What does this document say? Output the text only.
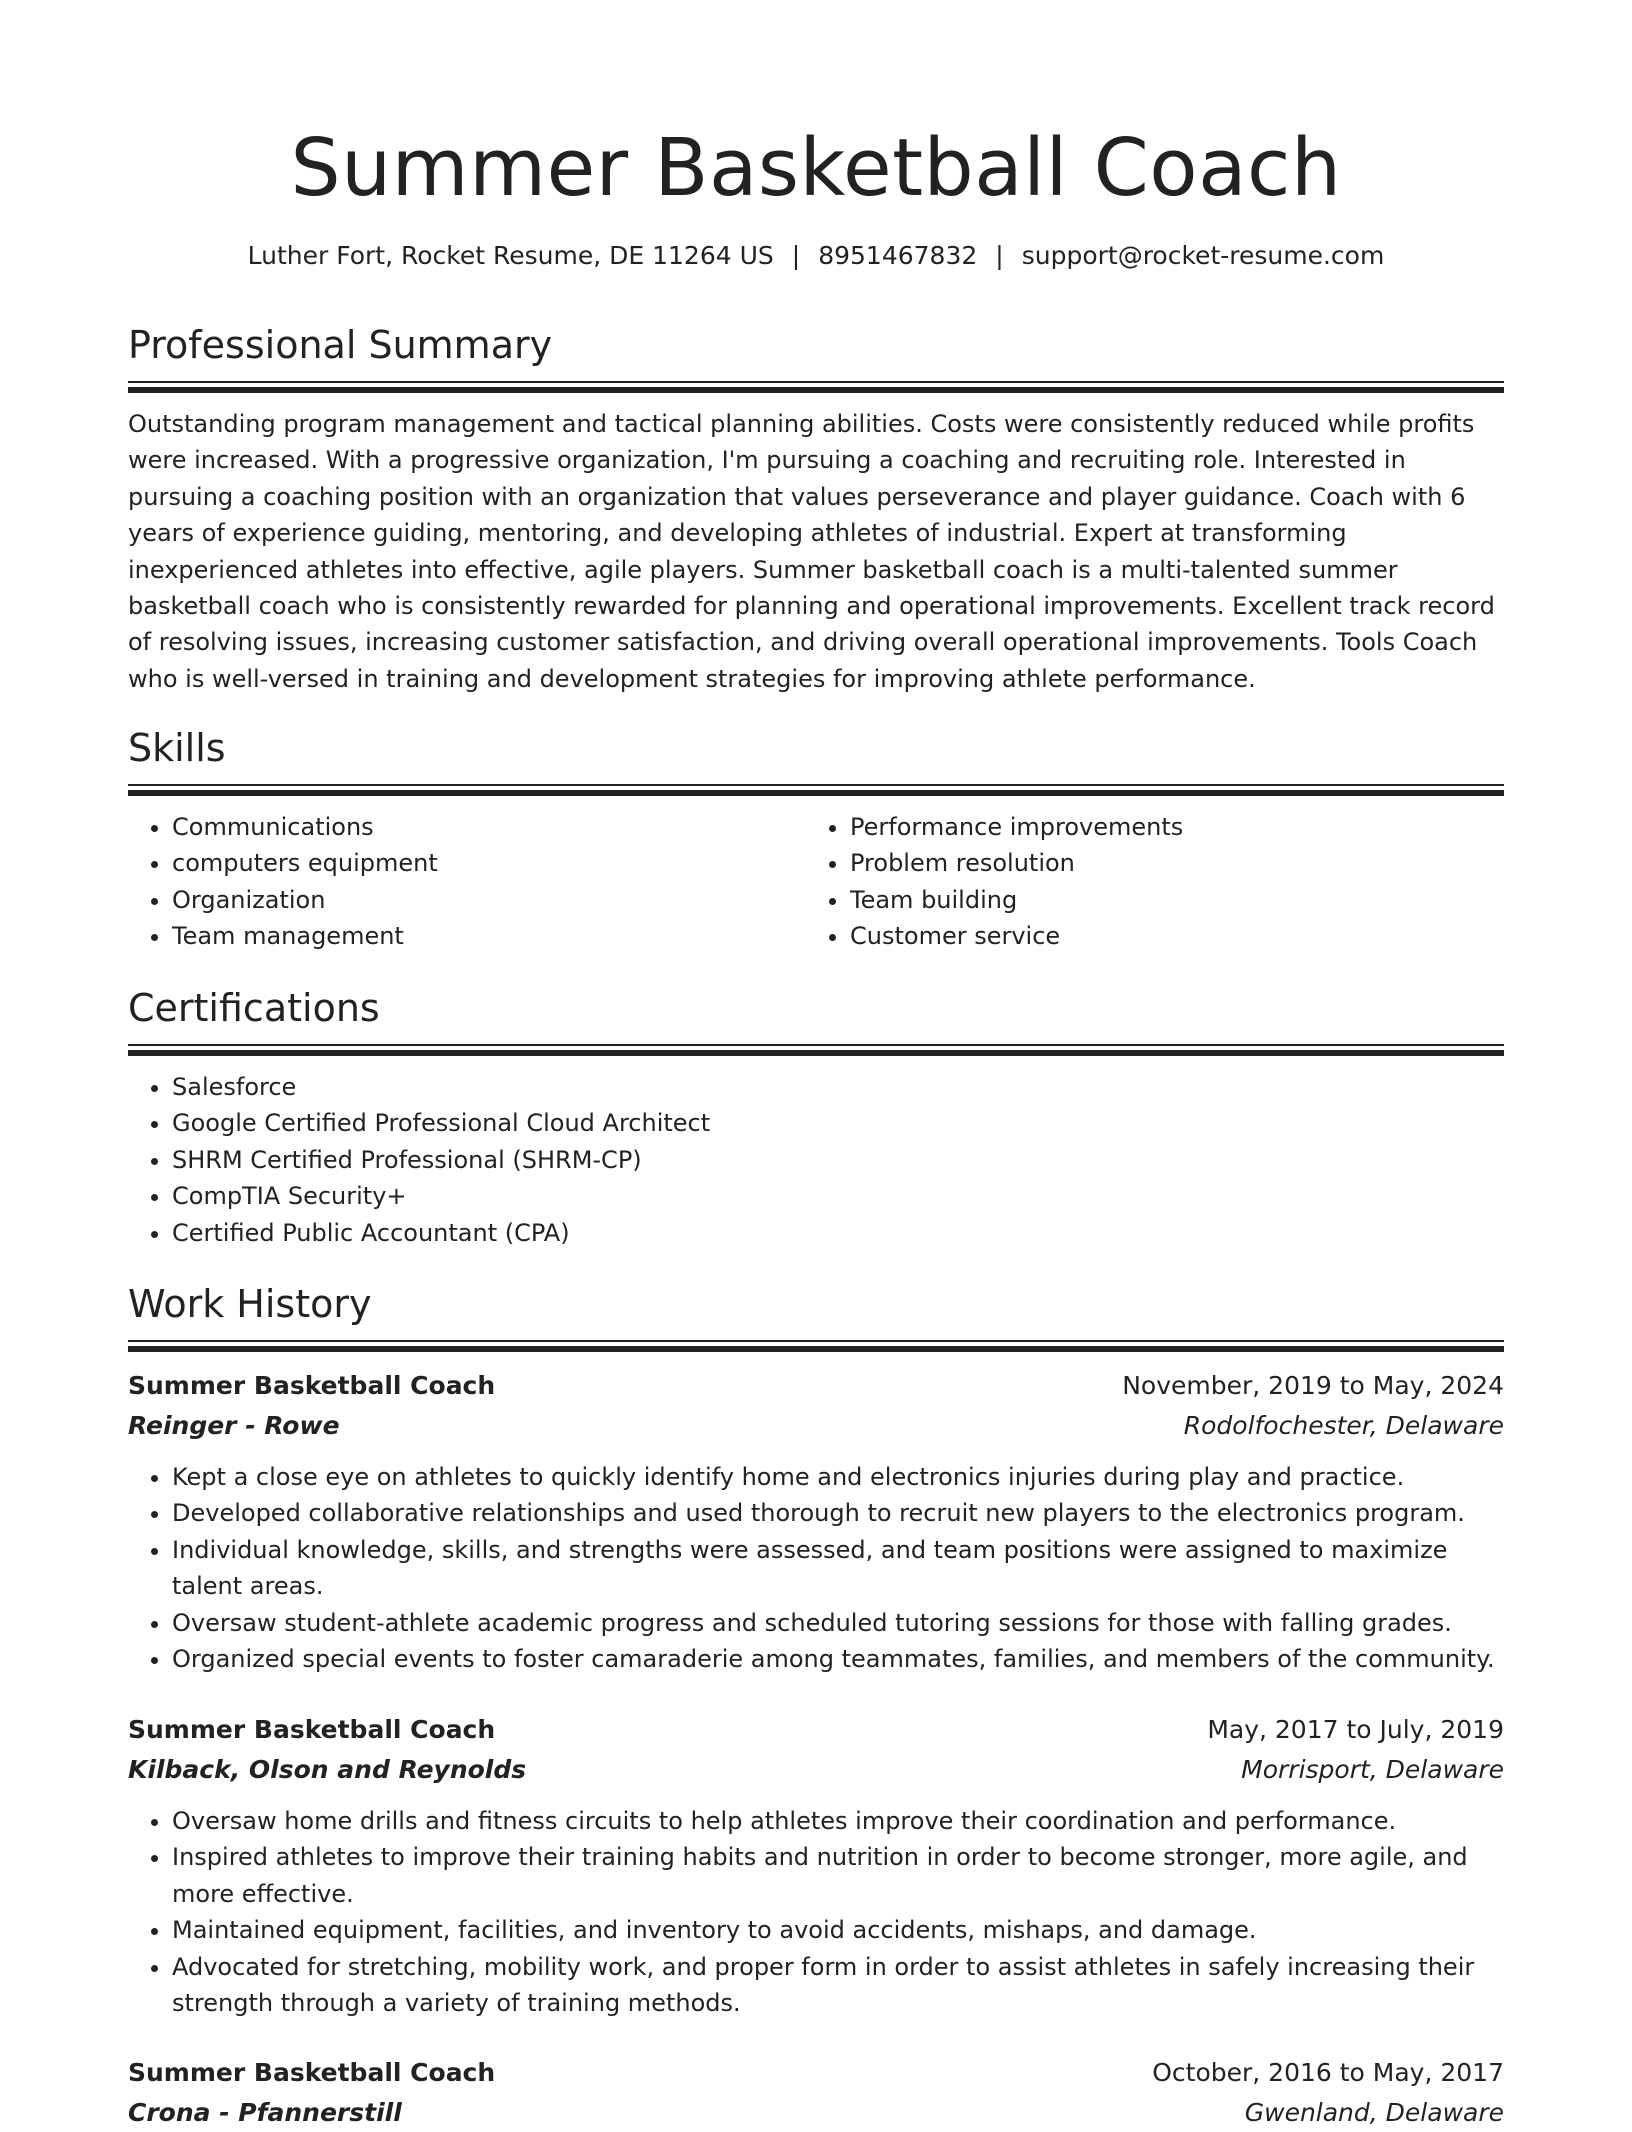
Summer Basketball Coach
Luther Fort, Rocket Resume, DE 11264 US | 8951467832 | support@rocket-resume.com
Professional Summary

Outstanding program management and tactical planning abilities. Costs were consistently reduced while profits were increased. With a progressive organization, I'm pursuing a coaching and recruiting role. Interested in pursuing a coaching position with an organization that values perseverance and player guidance. Coach with 6 years of experience guiding, mentoring, and developing athletes of industrial. Expert at transforming inexperienced athletes into effective, agile players. Summer basketball coach is a multi-talented summer basketball coach who is consistently rewarded for planning and operational improvements. Excellent track record of resolving issues, increasing customer satisfaction, and driving overall operational improvements. Tools Coach who is well-versed in training and development strategies for improving athlete performance.

Skills
• Communications
• computers equipment
• Organization
• Team management
• Performance improvements
• Problem resolution
• Team building
• Customer service
Certifications
• Salesforce
• Google Certified Professional Cloud Architect
• SHRM Certified Professional (SHRM-CP)
• CompTIA Security+
• Certified Public Accountant (CPA)
Work History
Summer Basketball Coach	November, 2019 to May, 2024
Reinger - Rowe	Rodolfochester, Delaware
• Kept a close eye on athletes to quickly identify home and electronics injuries during play and practice.
• Developed collaborative relationships and used thorough to recruit new players to the electronics program.
• Individual knowledge, skills, and strengths were assessed, and team positions were assigned to maximize talent areas.
• Oversaw student-athlete academic progress and scheduled tutoring sessions for those with falling grades.
• Organized special events to foster camaraderie among teammates, families, and members of the community.
Summer Basketball Coach	May, 2017 to July, 2019
Kilback, Olson and Reynolds	Morrisport, Delaware
• Oversaw home drills and fitness circuits to help athletes improve their coordination and performance.
• Inspired athletes to improve their training habits and nutrition in order to become stronger, more agile, and more effective.
• Maintained equipment, facilities, and inventory to avoid accidents, mishaps, and damage.
• Advocated for stretching, mobility work, and proper form in order to assist athletes in safely increasing their strength through a variety of training methods.
Summer Basketball Coach	October, 2016 to May, 2017
Crona - Pfannerstill	Gwenland, Delaware
